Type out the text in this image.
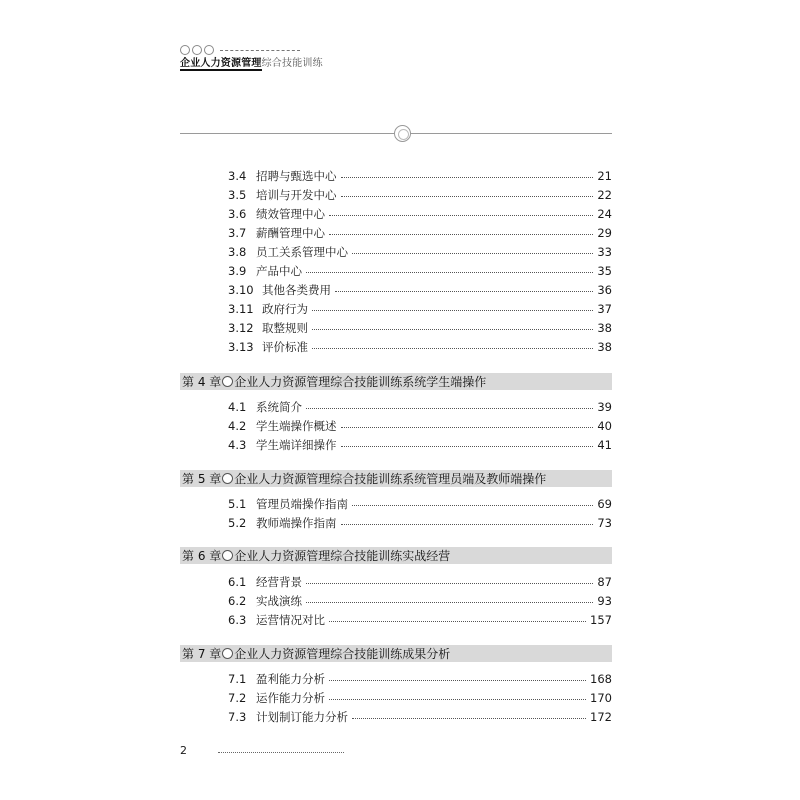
企业人力资源管理综合技能训练
3.4 招聘与甄选中心	21
3.5 培训与开发中心	22
3.6 绩效管理中心	24
3.7 薪酬管理中心	29
3.8 员工关系管理中心	33
3.9 产品中心	35
3.10 其他各类费用	36
3.11 政府行为	37
3.12 取整规则	38
3.13 评价标准	38
第 4 章 企业人力资源管理综合技能训练系统学生端操作
4.1 系统简介	39
4.2 学生端操作概述	40
4.3 学生端详细操作	41
第 5 章 企业人力资源管理综合技能训练系统管理员端及教师端操作
5.1 管理员端操作指南	69
5.2 教师端操作指南	73
第 6 章 企业人力资源管理综合技能训练实战经营
6.1 经营背景	87
6.2 实战演练	93
6.3 运营情况对比	157
第 7 章 企业人力资源管理综合技能训练成果分析
7.1 盈利能力分析	168
7.2 运作能力分析	170
7.3 计划制订能力分析	172
2
